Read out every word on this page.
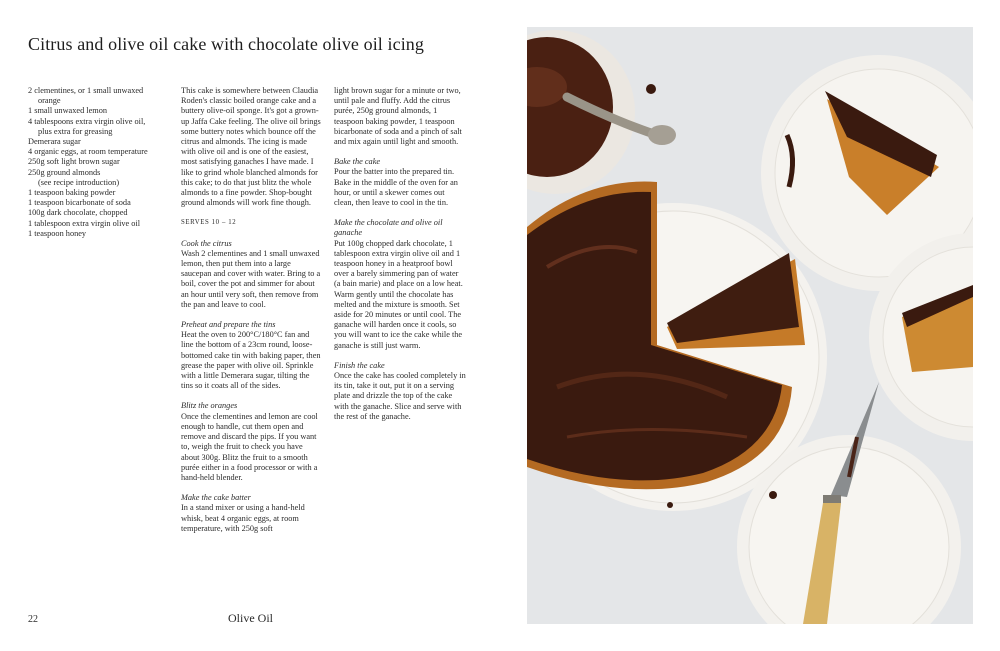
Citrus and olive oil cake with chocolate olive oil icing
2 clementines, or 1 small unwaxed orange
1 small unwaxed lemon
4 tablespoons extra virgin olive oil, plus extra for greasing
Demerara sugar
4 organic eggs, at room temperature
250g soft light brown sugar
250g ground almonds
(see recipe introduction)
1 teaspoon baking powder
1 teaspoon bicarbonate of soda
100g dark chocolate, chopped
1 tablespoon extra virgin olive oil
1 teaspoon honey

This cake is somewhere between Claudia Roden's classic boiled orange cake and a buttery olive-oil sponge. It's got a grown-up Jaffa Cake feeling. The olive oil brings some buttery notes which bounce off the citrus and almonds. The icing is made with olive oil and is one of the easiest, most satisfying ganaches I have made. I like to grind whole blanched almonds for this cake; to do that just blitz the whole almonds to a fine powder. Shop-bought ground almonds will work fine though.

SERVES 10 – 12

Cook the citrus

Wash 2 clementines and 1 small unwaxed lemon, then put them into a large saucepan and cover with water. Bring to a boil, cover the pot and simmer for about an hour until very soft, then remove from the pan and leave to cool.

Preheat and prepare the tins

Heat the oven to 200°C/180°C fan and line the bottom of a 23cm round, loose-bottomed cake tin with baking paper, then grease the paper with olive oil. Sprinkle with a little Demerara sugar, tilting the tins so it coats all of the sides.

Blitz the oranges

Once the clementines and lemon are cool enough to handle, cut them open and remove and discard the pips. If you want to, weigh the fruit to check you have about 300g. Blitz the fruit to a smooth purée either in a food processor or with a hand-held blender.

Make the cake batter

In a stand mixer or using a hand-held whisk, beat 4 organic eggs, at room temperature, with 250g soft

light brown sugar for a minute or two, until pale and fluffy. Add the citrus purée, 250g ground almonds, 1 teaspoon baking powder, 1 teaspoon bicarbonate of soda and a pinch of salt and mix again until light and smooth.

Bake the cake

Pour the batter into the prepared tin. Bake in the middle of the oven for an hour, or until a skewer comes out clean, then leave to cool in the tin.

Make the chocolate and olive oil ganache

Put 100g chopped dark chocolate, 1 tablespoon extra virgin olive oil and 1 teaspoon honey in a heatproof bowl over a barely simmering pan of water (a bain marie) and place on a low heat. Warm gently until the chocolate has melted and the mixture is smooth. Set aside for 20 minutes or until cool. The ganache will harden once it cools, so you will want to ice the cake while the ganache is still just warm.

Finish the cake

Once the cake has cooled completely in its tin, take it out, put it on a serving plate and drizzle the top of the cake with the ganache. Slice and serve with the rest of the ganache.

22	Olive Oil
